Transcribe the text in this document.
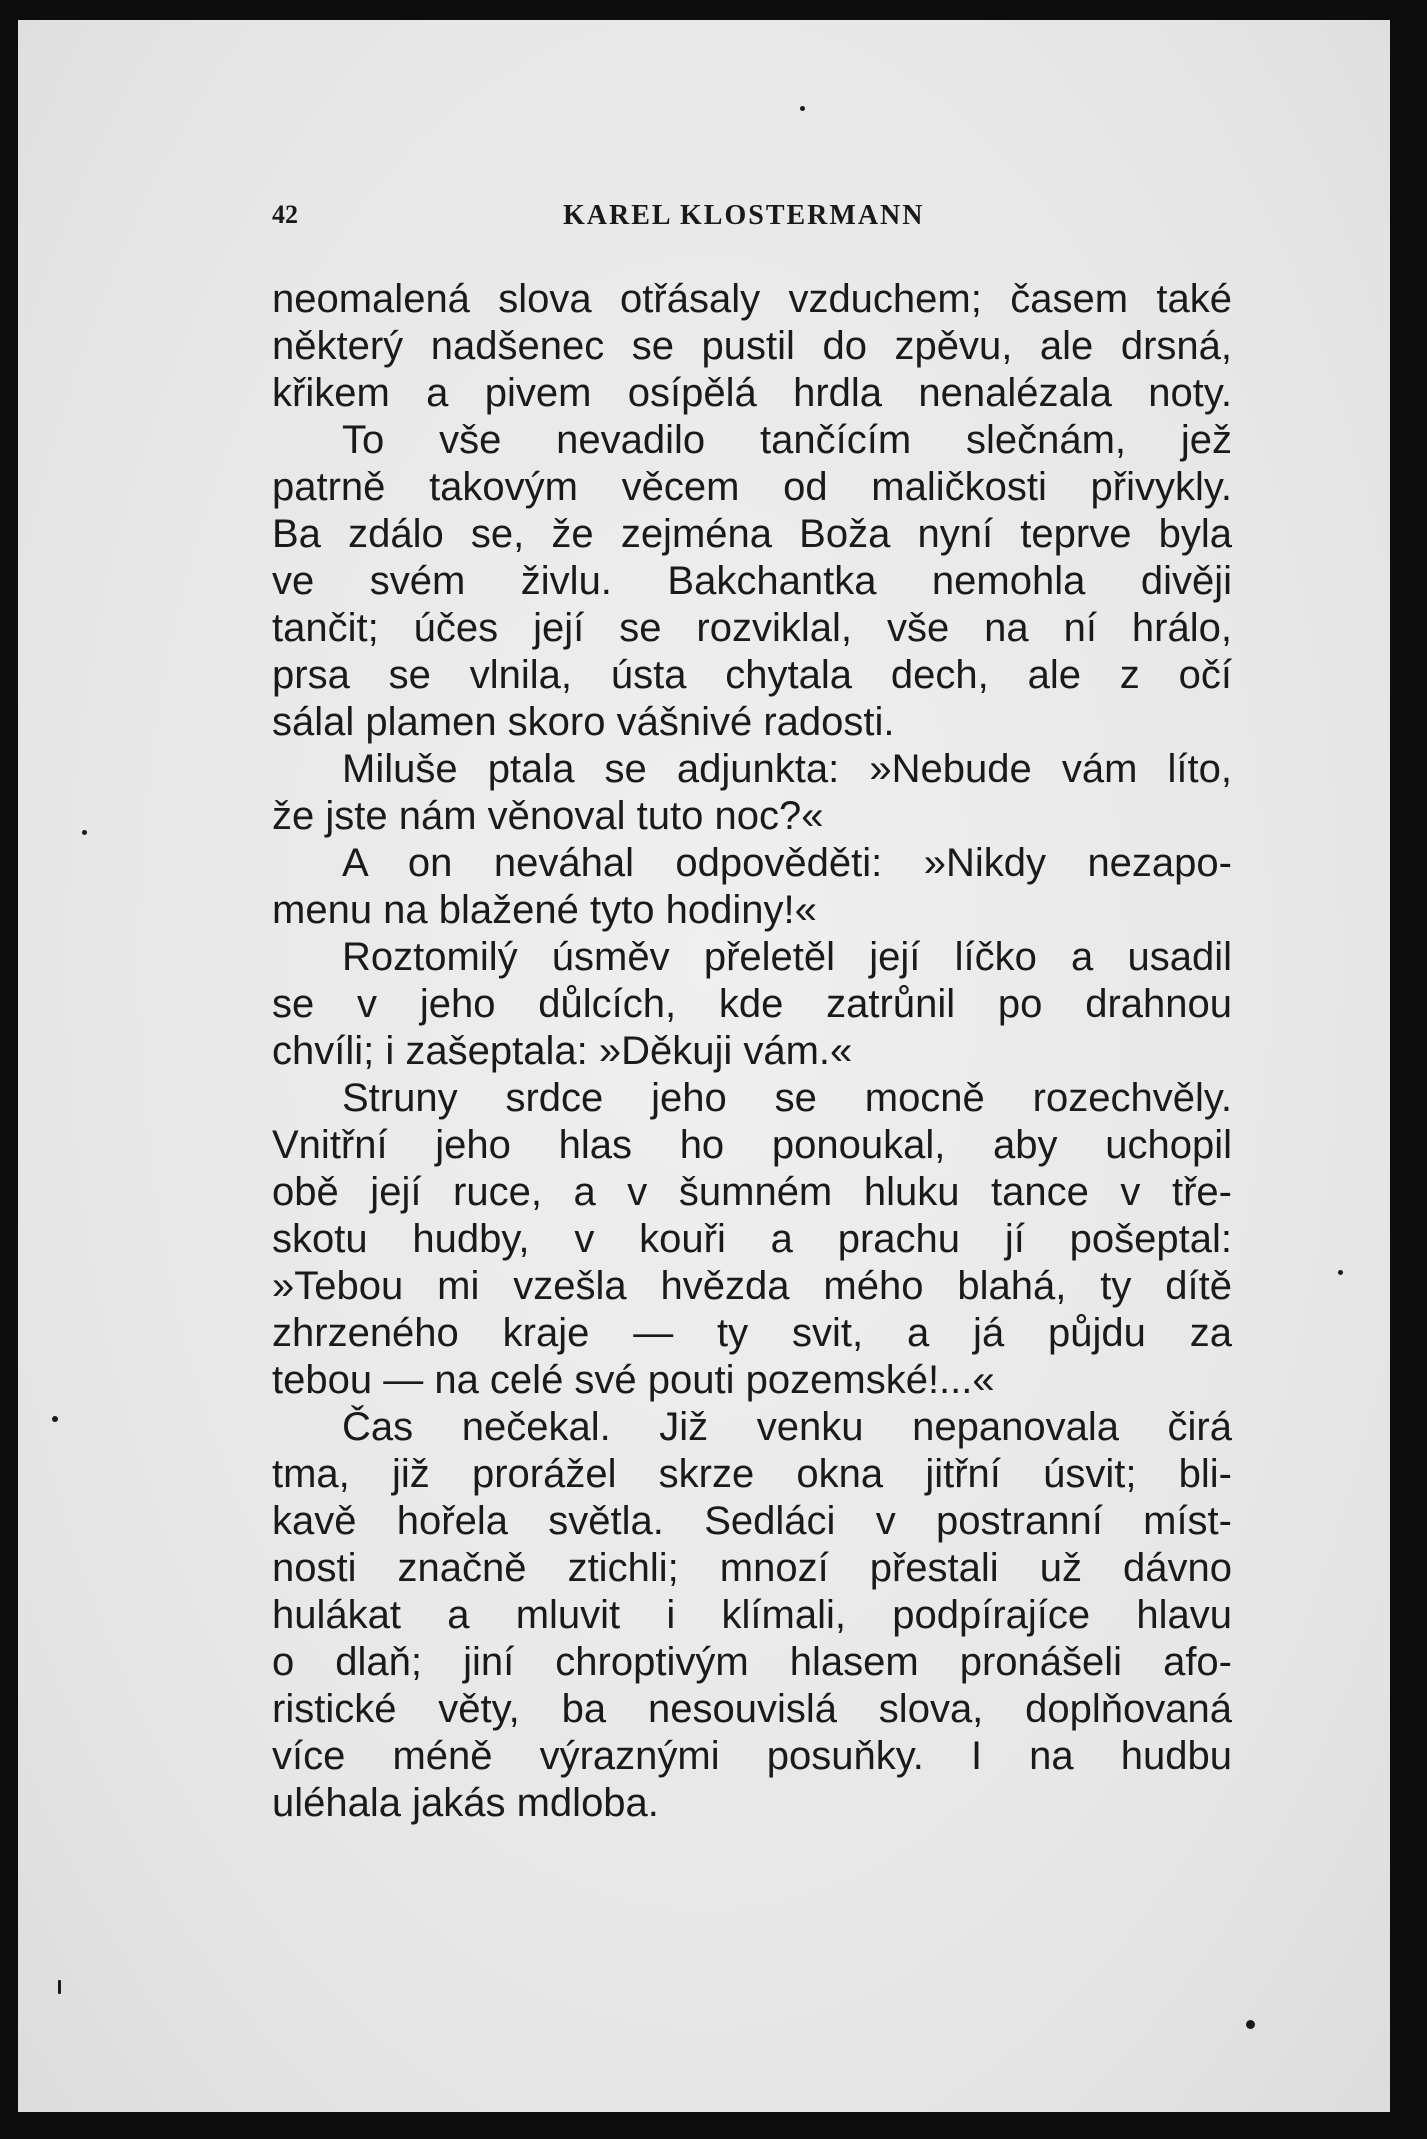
42	KAREL KLOSTERMANN
neomalená slova otřásaly vzduchem; časem také
některý nadšenec se pustil do zpěvu, ale drsná,
křikem a pivem osípělá hrdla nenalézala noty.
To vše nevadilo tančícím slečnám, jež
patrně takovým věcem od maličkosti přivykly.
Ba zdálo se, že zejména Boža nyní teprve byla
ve svém živlu. Bakchantka nemohla divěji
tančit; účes její se rozviklal, vše na ní hrálo,
prsa se vlnila, ústa chytala dech, ale z očí
sálal plamen skoro vášnivé radosti.
Miluše ptala se adjunkta: »Nebude vám líto,
že jste nám věnoval tuto noc?«
A on neváhal odpověděti: »Nikdy nezapo-
menu na blažené tyto hodiny!«
Roztomilý úsměv přeletěl její líčko a usadil
se v jeho důlcích, kde zatrůnil po drahnou
chvíli; i zašeptala: »Děkuji vám.«
Struny srdce jeho se mocně rozechvěly.
Vnitřní jeho hlas ho ponoukal, aby uchopil
obě její ruce, a v šumném hluku tance v tře-
skotu hudby, v kouři a prachu jí pošeptal:
»Tebou mi vzešla hvězda mého blahá, ty dítě
zhrzeného kraje — ty svit, a já půjdu za
tebou — na celé své pouti pozemské!...«
Čas nečekal. Již venku nepanovala čirá
tma, již prorážel skrze okna jitřní úsvit; bli-
kavě hořela světla. Sedláci v postranní míst-
nosti značně ztichli; mnozí přestali už dávno
hulákat a mluvit i klímali, podpírajíce hlavu
o dlaň; jiní chroptivým hlasem pronášeli afo-
ristické věty, ba nesouvislá slova, doplňovaná
více méně výraznými posuňky. I na hudbu
uléhala jakás mdloba.
